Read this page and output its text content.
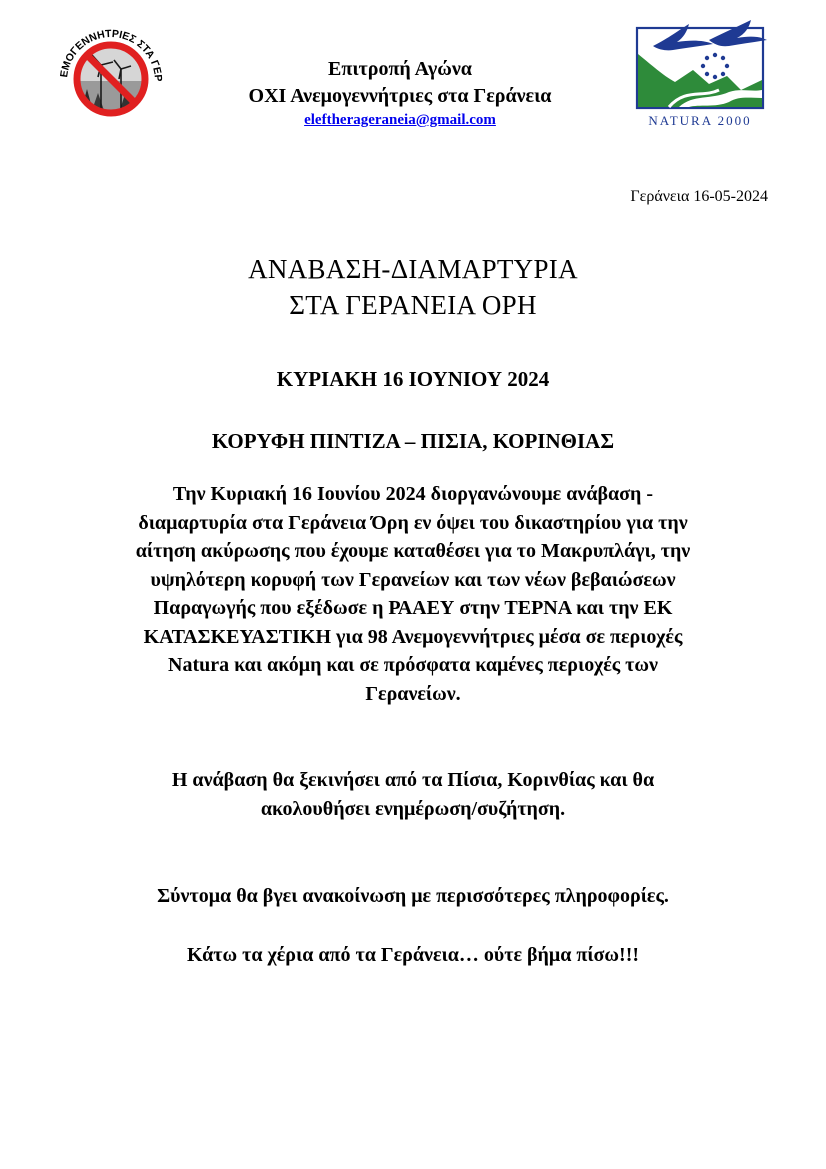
ΕΜΟΓΕΝΝΗΤΡΙΕΣ ΣΤΑ ΓΕΡ	Επιτροπή Αγώνα
ΟΧΙ Ανεμογεννήτριες στα Γεράνεια
eleftherageraneia@gmail.com	NATURA 2000
Γεράνεια 16-05-2024
ΑΝΑΒΑΣΗ-ΔΙΑΜΑΡΤΥΡΙΑ
ΣΤΑ ΓΕΡΑΝΕΙΑ ΟΡΗ
ΚΥΡΙΑΚΗ 16 ΙΟΥΝΙΟΥ 2024
ΚΟΡΥΦΗ ΠΙΝΤΙΖΑ – ΠΙΣΙΑ, ΚΟΡΙΝΘΙΑΣ
Την Κυριακή 16 Ιουνίου 2024 διοργανώνουμε ανάβαση -
διαμαρτυρία στα Γεράνεια Όρη εν όψει του δικαστηρίου για την
αίτηση ακύρωσης που έχουμε καταθέσει για το Μακρυπλάγι, την
υψηλότερη κορυφή των Γερανείων και των νέων βεβαιώσεων
Παραγωγής που εξέδωσε η ΡΑΑΕΥ στην ΤΕΡΝΑ και την ΕΚ
ΚΑΤΑΣΚΕΥΑΣΤΙΚΗ για 98 Ανεμογεννήτριες μέσα σε περιοχές
Natura και ακόμη και σε πρόσφατα καμένες περιοχές των
Γερανείων.
Η ανάβαση θα ξεκινήσει από τα Πίσια, Κορινθίας και θα
ακολουθήσει ενημέρωση/συζήτηση.
Σύντομα θα βγει ανακοίνωση με περισσότερες πληροφορίες.
Κάτω τα χέρια από τα Γεράνεια… ούτε βήμα πίσω!!!
